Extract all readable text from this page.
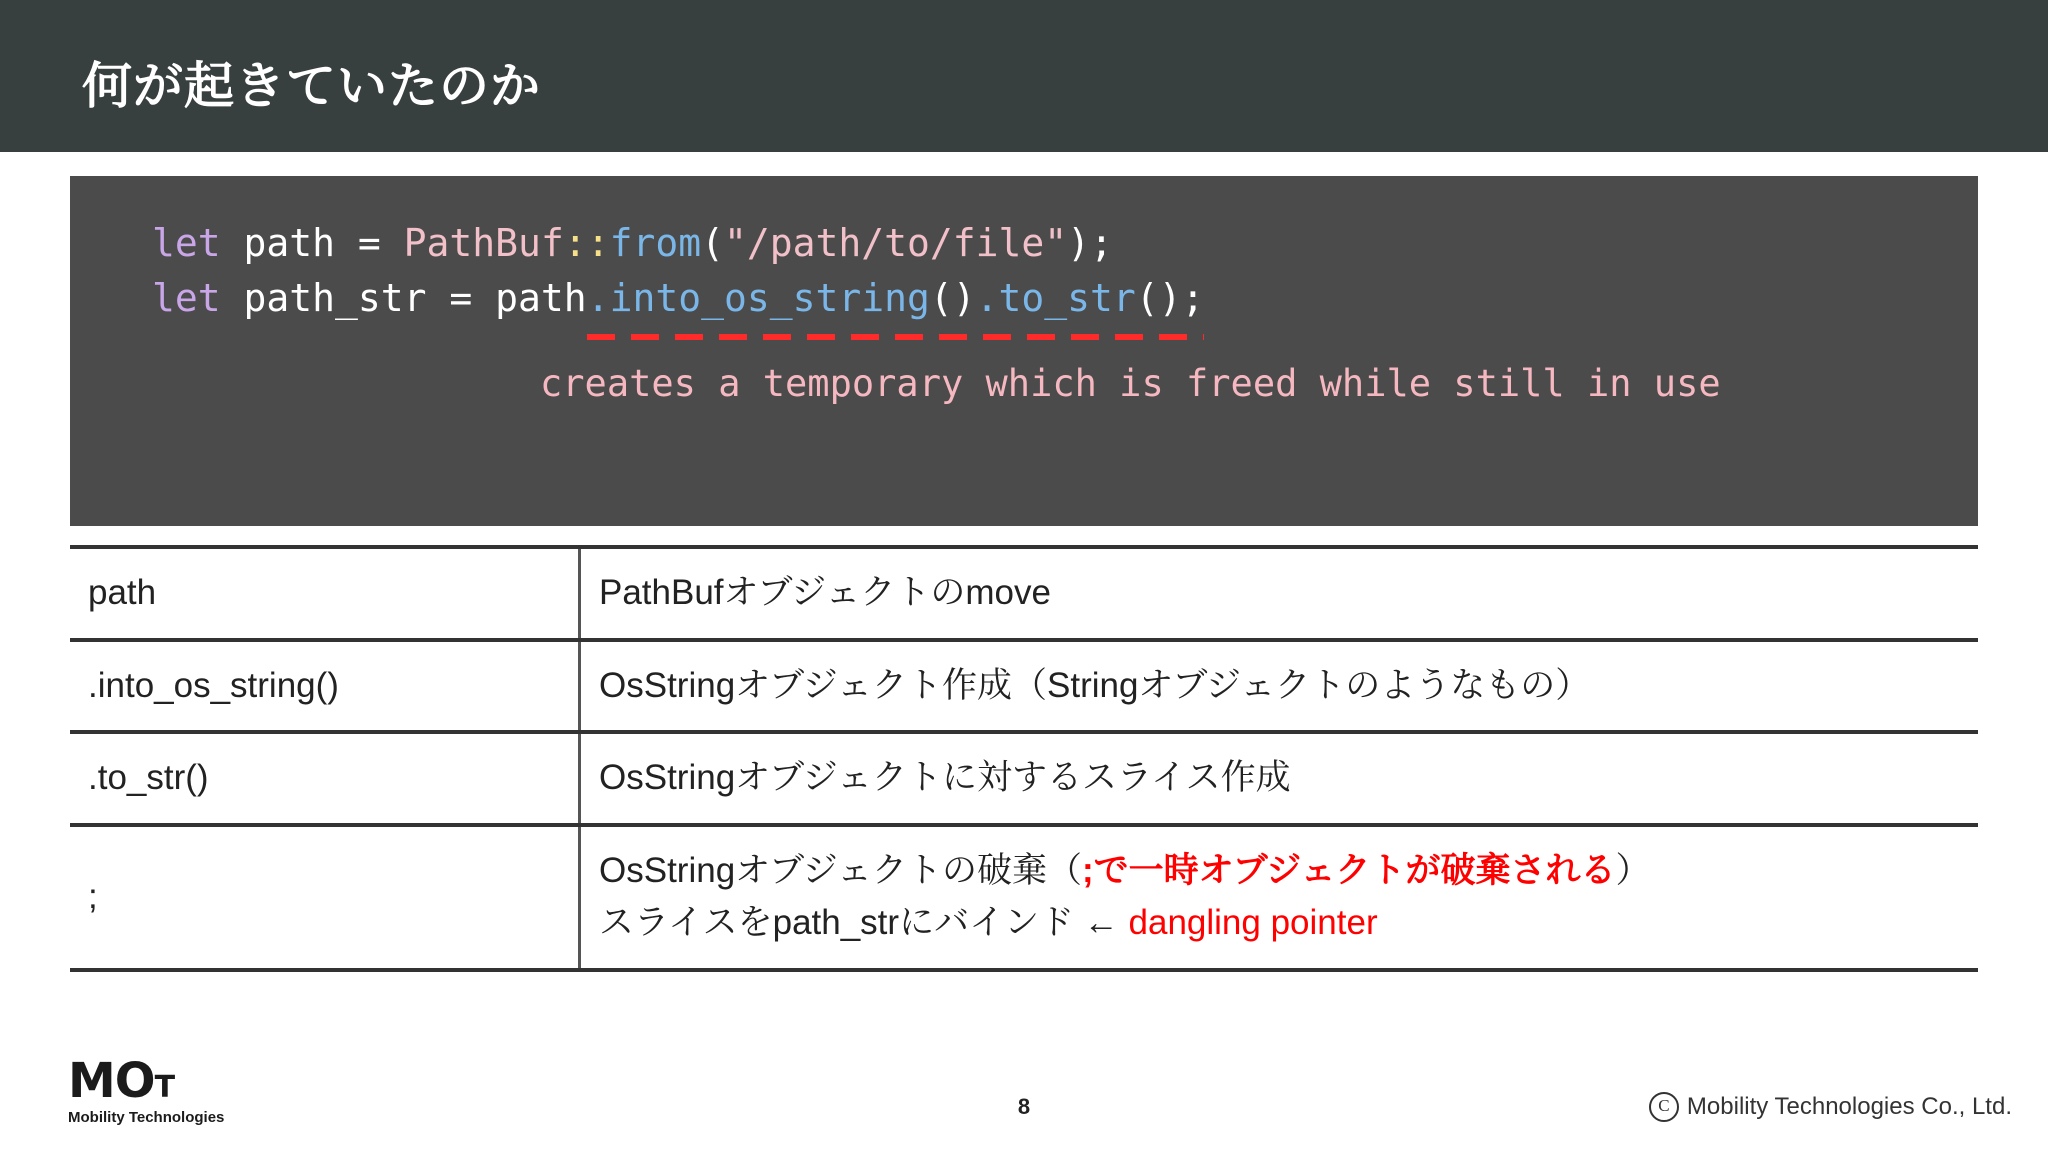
何が起きていたのか
let path = PathBuf::from("/path/to/file");
let path_str = path.into_os_string().to_str();
creates a temporary which is freed while still in use
path	PathBufオブジェクトのmove
.into_os_string()	OsStringオブジェクト作成（Stringオブジェクトのようなもの）
.to_str()	OsStringオブジェクトに対するスライス作成
;	OsStringオブジェクトの破棄（;で一時オブジェクトが破棄される）
スライスをpath_strにバインド ← dangling pointer
MOT
Mobility Technologies	8	C Mobility Technologies Co., Ltd.
